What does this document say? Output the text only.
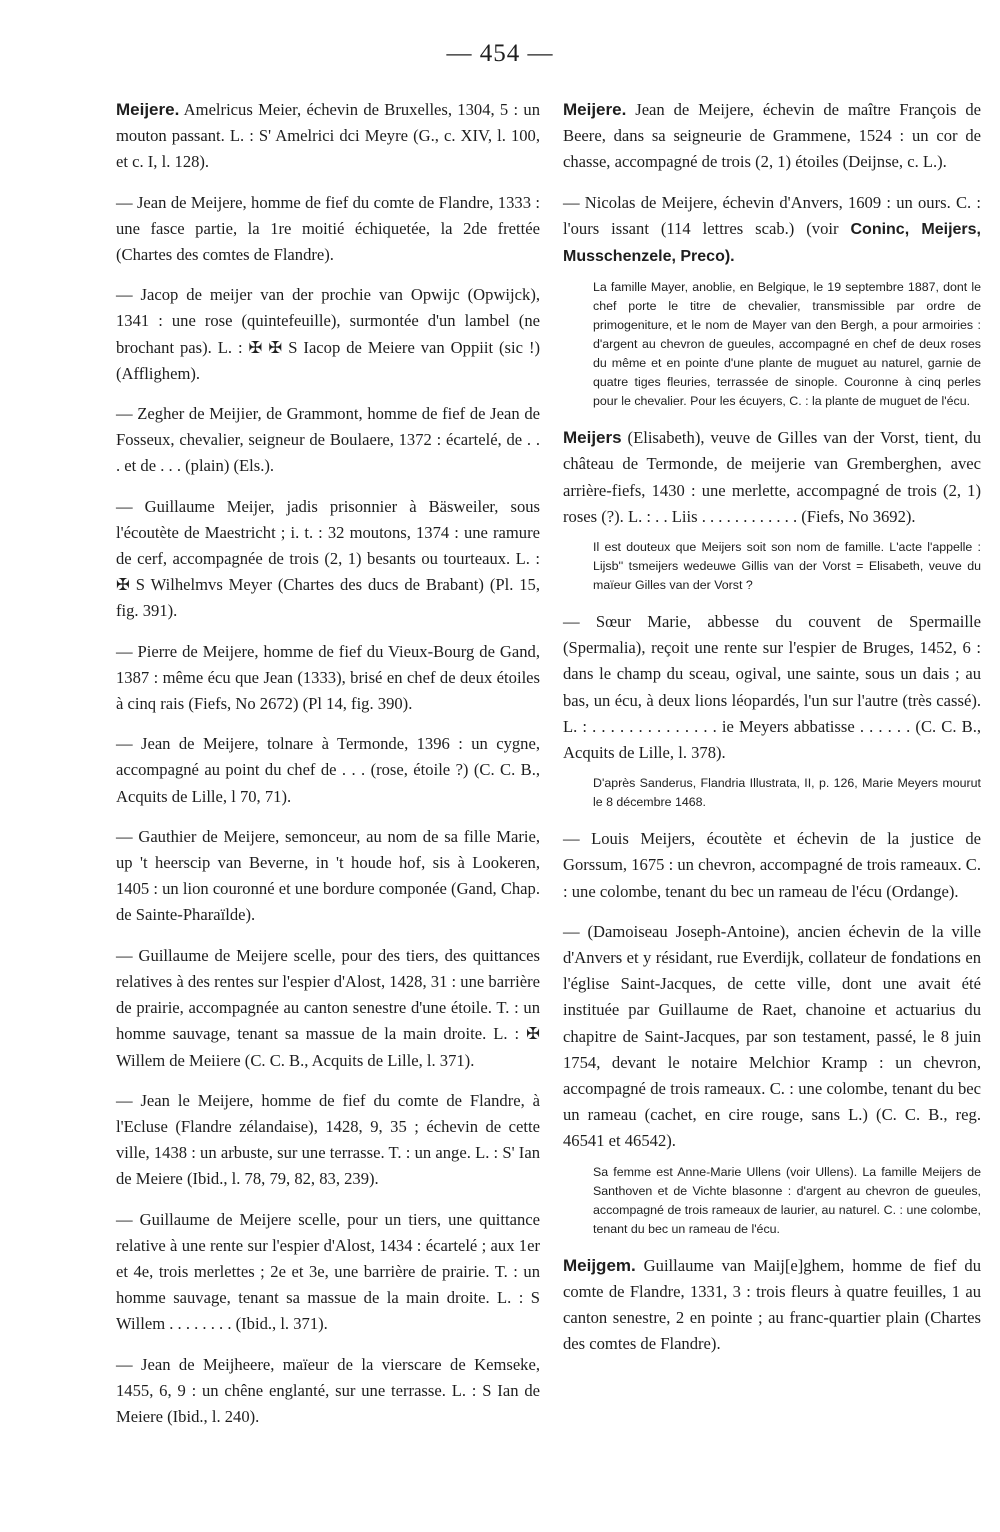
— 454 —

Meijere. Amelricus Meier, échevin de Bruxelles, 1304, 5 : un mouton passant. L. : S' Amelrici dci Meyre (G., c. XIV, l. 100, et c. I, l. 128).

— Jean de Meijere, homme de fief du comte de Flandre, 1333 : une fasce partie, la 1re moitié échiquetée, la 2de frettée (Chartes des comtes de Flandre).

— Jacop de meijer van der prochie van Opwijc (Opwijck), 1341 : une rose (quintefeuille), surmontée d'un lambel (ne brochant pas). L. : ✠ ✠ S Iacop de Meiere van Oppiit (sic !) (Afflighem).

— Zegher de Meijier, de Grammont, homme de fief de Jean de Fosseux, chevalier, seigneur de Boulaere, 1372 : écartelé, de . . . et de . . . (plain) (Els.).

— Guillaume Meijer, jadis prisonnier à Bäsweiler, sous l'écoutète de Maestricht ; i. t. : 32 moutons, 1374 : une ramure de cerf, accompagnée de trois (2, 1) besants ou tourteaux. L. : ✠ S Wilhelmvs Meyer (Chartes des ducs de Brabant) (Pl. 15, fig. 391).

— Pierre de Meijere, homme de fief du Vieux-Bourg de Gand, 1387 : même écu que Jean (1333), brisé en chef de deux étoiles à cinq rais (Fiefs, No 2672) (Pl 14, fig. 390).

— Jean de Meijere, tolnare à Termonde, 1396 : un cygne, accompagné au point du chef de . . . (rose, étoile ?) (C. C. B., Acquits de Lille, l 70, 71).

— Gauthier de Meijere, semonceur, au nom de sa fille Marie, up 't heerscip van Beverne, in 't houde hof, sis à Lookeren, 1405 : un lion couronné et une bordure componée (Gand, Chap. de Sainte-Pharaïlde).

— Guillaume de Meijere scelle, pour des tiers, des quittances relatives à des rentes sur l'espier d'Alost, 1428, 31 : une barrière de prairie, accompagnée au canton senestre d'une étoile. T. : un homme sauvage, tenant sa massue de la main droite. L. : ✠ Willem de Meiiere (C. C. B., Acquits de Lille, l. 371).

— Jean le Meijere, homme de fief du comte de Flandre, à l'Ecluse (Flandre zélandaise), 1428, 9, 35 ; échevin de cette ville, 1438 : un arbuste, sur une terrasse. T. : un ange. L. : S' Ian de Meiere (Ibid., l. 78, 79, 82, 83, 239).

— Guillaume de Meijere scelle, pour un tiers, une quittance relative à une rente sur l'espier d'Alost, 1434 : écartelé ; aux 1er et 4e, trois merlettes ; 2e et 3e, une barrière de prairie. T. : un homme sauvage, tenant sa massue de la main droite. L. : S Willem . . . . . . . . (Ibid., l. 371).

— Jean de Meijheere, maïeur de la vierscare de Kemseke, 1455, 6, 9 : un chêne englanté, sur une terrasse. L. : S Ian de Meiere (Ibid., l. 240).

Meijere. Jean de Meijere, échevin de maître François de Beere, dans sa seigneurie de Grammene, 1524 : un cor de chasse, accompagné de trois (2, 1) étoiles (Deijnse, c. L.).

— Nicolas de Meijere, échevin d'Anvers, 1609 : un ours. C. : l'ours issant (114 lettres scab.) (voir Coninc, Meijers, Musschenzele, Preco).

La famille Mayer, anoblie, en Belgique, le 19 septembre 1887, dont le chef porte le titre de chevalier, transmissible par ordre de primogeniture, et le nom de Mayer van den Bergh, a pour armoiries : d'argent au chevron de gueules, accompagné en chef de deux roses du même et en pointe d'une plante de muguet au naturel, garnie de quatre tiges fleuries, terrassée de sinople. Couronne à cinq perles pour le chevalier. Pour les écuyers, C. : la plante de muguet de l'écu.

Meijers (Elisabeth), veuve de Gilles van der Vorst, tient, du château de Termonde, de meijerie van Gremberghen, avec arrière-fiefs, 1430 : une merlette, accompagné de trois (2, 1) roses (?). L. : . . Liis . . . . . . . . . . . . (Fiefs, No 3692).

Il est douteux que Meijers soit son nom de famille. L'acte l'appelle : Lijsb'' tsmeijers wedeuwe Gillis van der Vorst = Elisabeth, veuve du maïeur Gilles van der Vorst ?

— Sœur Marie, abbesse du couvent de Spermaille (Spermalia), reçoit une rente sur l'espier de Bruges, 1452, 6 : dans le champ du sceau, ogival, une sainte, sous un dais ; au bas, un écu, à deux lions léopardés, l'un sur l'autre (très cassé). L. : . . . . . . . . . . . . . . ie Meyers abbatisse . . . . . . (C. C. B., Acquits de Lille, l. 378).

D'après Sanderus, Flandria Illustrata, II, p. 126, Marie Meyers mourut le 8 décembre 1468.

— Louis Meijers, écoutète et échevin de la justice de Gorssum, 1675 : un chevron, accompagné de trois rameaux. C. : une colombe, tenant du bec un rameau de l'écu (Ordange).

— (Damoiseau Joseph-Antoine), ancien échevin de la ville d'Anvers et y résidant, rue Everdijk, collateur de fondations en l'église Saint-Jacques, de cette ville, dont une avait été instituée par Guillaume de Raet, chanoine et actuarius du chapitre de Saint-Jacques, par son testament, passé, le 8 juin 1754, devant le notaire Melchior Kramp : un chevron, accompagné de trois rameaux. C. : une colombe, tenant du bec un rameau (cachet, en cire rouge, sans L.) (C. C. B., reg. 46541 et 46542).

Sa femme est Anne-Marie Ullens (voir Ullens). La famille Meijers de Santhoven et de Vichte blasonne : d'argent au chevron de gueules, accompagné de trois rameaux de laurier, au naturel. C. : une colombe, tenant du bec un rameau de l'écu.

Meijgem. Guillaume van Maij[e]ghem, homme de fief du comte de Flandre, 1331, 3 : trois fleurs à quatre feuilles, 1 au canton senestre, 2 en pointe ; au franc-quartier plain (Chartes des comtes de Flandre).
